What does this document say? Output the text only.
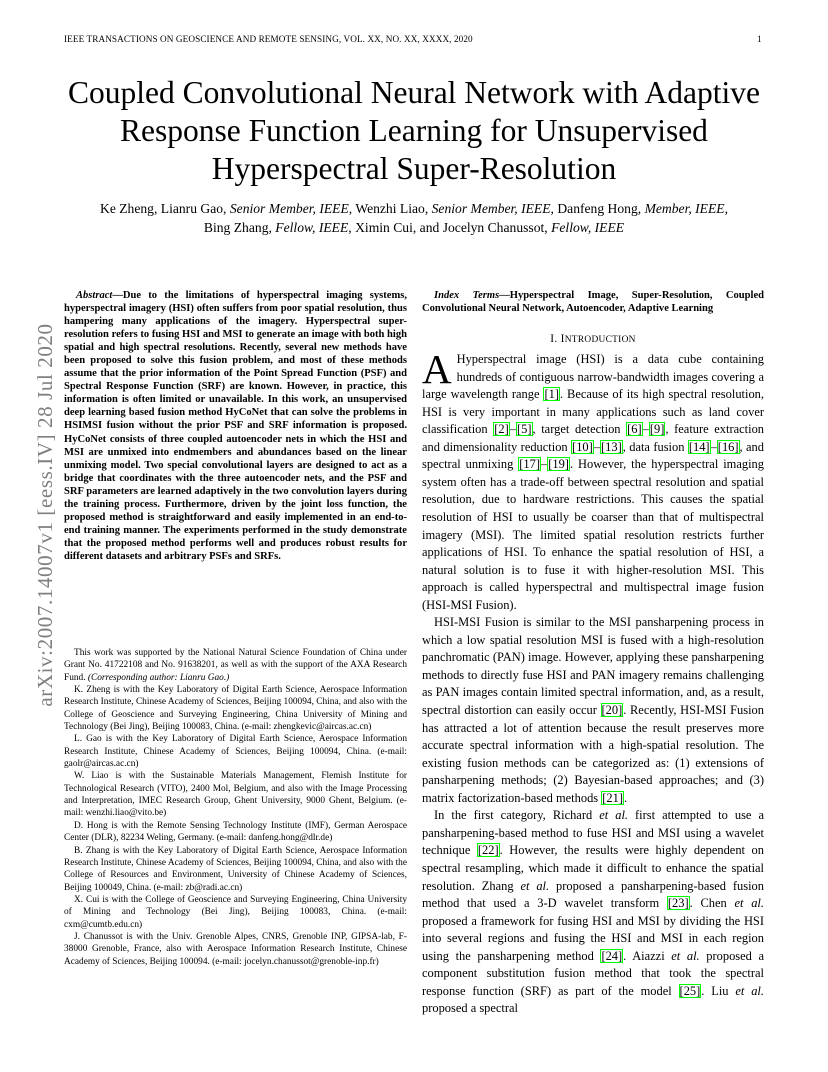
IEEE TRANSACTIONS ON GEOSCIENCE AND REMOTE SENSING, VOL. XX, NO. XX, XXXX, 2020	1
Coupled Convolutional Neural Network with Adaptive Response Function Learning for Unsupervised Hyperspectral Super-Resolution
Ke Zheng, Lianru Gao, Senior Member, IEEE, Wenzhi Liao, Senior Member, IEEE, Danfeng Hong, Member, IEEE, Bing Zhang, Fellow, IEEE, Ximin Cui, and Jocelyn Chanussot, Fellow, IEEE
arXiv:2007.14007v1 [eess.IV] 28 Jul 2020

Abstract—Due to the limitations of hyperspectral imaging systems, hyperspectral imagery (HSI) often suffers from poor spatial resolution, thus hampering many applications of the imagery. Hyperspectral super-resolution refers to fusing HSI and MSI to generate an image with both high spatial and high spectral resolutions. Recently, several new methods have been proposed to solve this fusion problem, and most of these methods assume that the prior information of the Point Spread Function (PSF) and Spectral Response Function (SRF) are known. However, in practice, this information is often limited or unavailable. In this work, an unsupervised deep learning based fusion method HyCoNet that can solve the problems in HSIMSI fusion without the prior PSF and SRF information is proposed. HyCoNet consists of three coupled autoencoder nets in which the HSI and MSI are unmixed into endmembers and abundances based on the linear unmixing model. Two special convolutional layers are designed to act as a bridge that coordinates with the three autoencoder nets, and the PSF and SRF parameters are learned adaptively in the two convolution layers during the training process. Furthermore, driven by the joint loss function, the proposed method is straightforward and easily implemented in an end-to-end training manner. The experiments performed in the study demonstrate that the proposed method performs well and produces robust results for different datasets and arbitrary PSFs and SRFs.

This work was supported by the National Natural Science Foundation of China under Grant No. 41722108 and No. 91638201, as well as with the support of the AXA Research Fund. (Corresponding author: Lianru Gao.)

K. Zheng is with the Key Laboratory of Digital Earth Science, Aerospace Information Research Institute, Chinese Academy of Sciences, Beijing 100094, China, and also with the College of Geoscience and Surveying Engineering, China University of Mining and Technology (Bei Jing), Beijing 100083, China. (e-mail: zhengkevic@aircas.ac.cn)

L. Gao is with the Key Laboratory of Digital Earth Science, Aerospace Information Research Institute, Chinese Academy of Sciences, Beijing 100094, China. (e-mail: gaolr@aircas.ac.cn)

W. Liao is with the Sustainable Materials Management, Flemish Institute for Technological Research (VITO), 2400 Mol, Belgium, and also with the Image Processing and Interpretation, IMEC Research Group, Ghent University, 9000 Ghent, Belgium. (e-mail: wenzhi.liao@vito.be)

D. Hong is with the Remote Sensing Technology Institute (IMF), German Aerospace Center (DLR), 82234 Weling, Germany. (e-mail: danfeng.hong@dlr.de)

B. Zhang is with the Key Laboratory of Digital Earth Science, Aerospace Information Research Institute, Chinese Academy of Sciences, Beijing 100094, China, and also with the College of Resources and Environment, University of Chinese Academy of Sciences, Beijing 100049, China. (e-mail: zb@radi.ac.cn)

X. Cui is with the College of Geoscience and Surveying Engineering, China University of Mining and Technology (Bei Jing), Beijing 100083, China. (e-mail: cxm@cumtb.edu.cn)

J. Chanussot is with the Univ. Grenoble Alpes, CNRS, Grenoble INP, GIPSA-lab, F-38000 Grenoble, France, also with Aerospace Information Research Institute, Chinese Academy of Sciences, Beijing 100094. (e-mail: jocelyn.chanussot@grenoble-inp.fr)

Index Terms—Hyperspectral Image, Super-Resolution, Coupled Convolutional Neural Network, Autoencoder, Adaptive Learning

I. INTRODUCTION

A Hyperspectral image (HSI) is a data cube containing hundreds of contiguous narrow-bandwidth images covering a large wavelength range [1]. Because of its high spectral resolution, HSI is very important in many applications such as land cover classification [2]–[5], target detection [6]–[9], feature extraction and dimensionality reduction [10]–[13], data fusion [14]–[16], and spectral unmixing [17]–[19]. However, the hyperspectral imaging system often has a trade-off between spectral resolution and spatial resolution, due to hardware restrictions. This causes the spatial resolution of HSI to usually be coarser than that of multispectral imagery (MSI). The limited spatial resolution restricts further applications of HSI. To enhance the spatial resolution of HSI, a natural solution is to fuse it with higher-resolution MSI. This approach is called hyperspectral and multispectral image fusion (HSI-MSI Fusion).

HSI-MSI Fusion is similar to the MSI pansharpening process in which a low spatial resolution MSI is fused with a high-resolution panchromatic (PAN) image. However, applying these pansharpening methods to directly fuse HSI and PAN imagery remains challenging as PAN images contain limited spectral information, and, as a result, spectral distortion can easily occur [20]. Recently, HSI-MSI Fusion has attracted a lot of attention because the result preserves more accurate spectral information with a high-spatial resolution. The existing fusion methods can be categorized as: (1) extensions of pansharpening methods; (2) Bayesian-based approaches; and (3) matrix factorization-based methods [21].

In the first category, Richard et al. first attempted to use a pansharpening-based method to fuse HSI and MSI using a wavelet technique [22]. However, the results were highly dependent on spectral resampling, which made it difficult to enhance the spatial resolution. Zhang et al. proposed a pansharpening-based fusion method that used a 3-D wavelet transform [23]. Chen et al. proposed a framework for fusing HSI and MSI by dividing the HSI into several regions and fusing the HSI and MSI in each region using the pansharpening method [24]. Aiazzi et al. proposed a component substitution fusion method that took the spectral response function (SRF) as part of the model [25]. Liu et al. proposed a spectral
